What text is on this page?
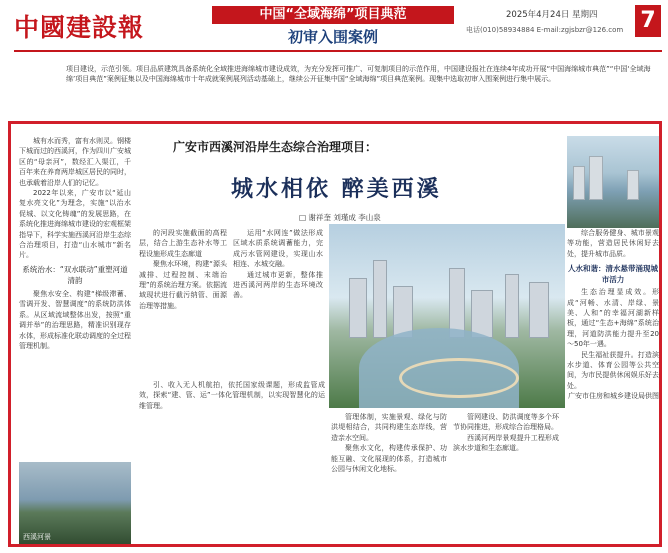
中國建設報	中国“全域海绵”项目典范
初审入围案例
2025年4月24日 星期四
电话(010)58934884 E-mail:zgjsbzr@126.com 7
项目建设，示范引领。项目品质建筑具备系统化全域推进海绵城市建设成效，为充分发挥可推广、可复制项目的示范作用，中国建设报社在连续4年成功开展“中国海绵城市典范”“中国‘全域海绵’项目典范”案例征集以及中国海绵城市十年成就案例展列活动基础上，继续公开征集中国“全域海绵”项目典范案例。现集中选取初审入围案例进行集中展示。

城有水而秀，富有水则灵。钢楼下城而过的西溪河，作为四川广安城区的“母亲河”，数经汇入渠江，千百年来在养育两岸城区居民的同时，也承载着沿岸人们的记忆。

2022年以来，广安市以“延山复水亮文化”为理念，实施“以治水促城、以文化铸魂”的发展思路，在系统化推进海绵城市建设的宏观框架指导下，科学实施西溪河沿岸生态综合治理项目，打造“山水城市”新名片。

系统治水：“双水联动”重塑河道清韵

聚焦水安全、构建“梯级滞蓄、雪调开发、智慧调度”的系统防洪体系。从区域流域整体出发，按照“重调并举”的治理思路，精准识别现存水体，形成标准化联动调度的全过程管理机制。

西溪河景
广安市西溪河沿岸生态综合治理项目：
城水相依 醉美西溪
□ 谢祥奎 刘瑾成 李山泉

的河段实施截面的高程层，结合上游生态补水等工程设施形成生态廊道

聚焦水环境，构建“源头减排、过程控制、末端治理”的系统治理方案。依据流域现状进行截污纳管、面源治理等措施。

运用“水网连”做法形成区域水质系统调蓄能力，完成污水管网建设，实现山水相连、水城交融。

通过城市更新，整体推进西溪河两岸的生态环境改善。

引、收入无人机航拍，依托国家级课题，形成监管成效，探索“建、管、运”一体化管理机制，以实现智慧化的运维管理。

管理体制，实施景观、绿化与防洪堤相结合，共同构建生态岸线，营造亲水空间。

聚焦水文化，构建传承保护、功能互融、文化展现的体系，打造城市公园与休闲文化地标。

管网建设、防洪调度等多个环节协同推进，形成综合治理格局。

西溪河两岸景观提升工程形成滨水步道和生态廊道。

综合服务健身、城市景观等功能，营造居民休闲好去处，提升城市品质。

人水和谐：清水悬带涌现城市活力

生态治理显成效。形成“河畅、水清、岸绿、景美、人和”的幸福河湖新样板，通过“生态+海绵”系统治理，河道防洪能力提升至20～50年一遇。

民生福祉获提升。打造滨水步道、体育公园等公共空间，为市民提供休闲娱乐好去处。

广安市住房和城乡建设局供图
